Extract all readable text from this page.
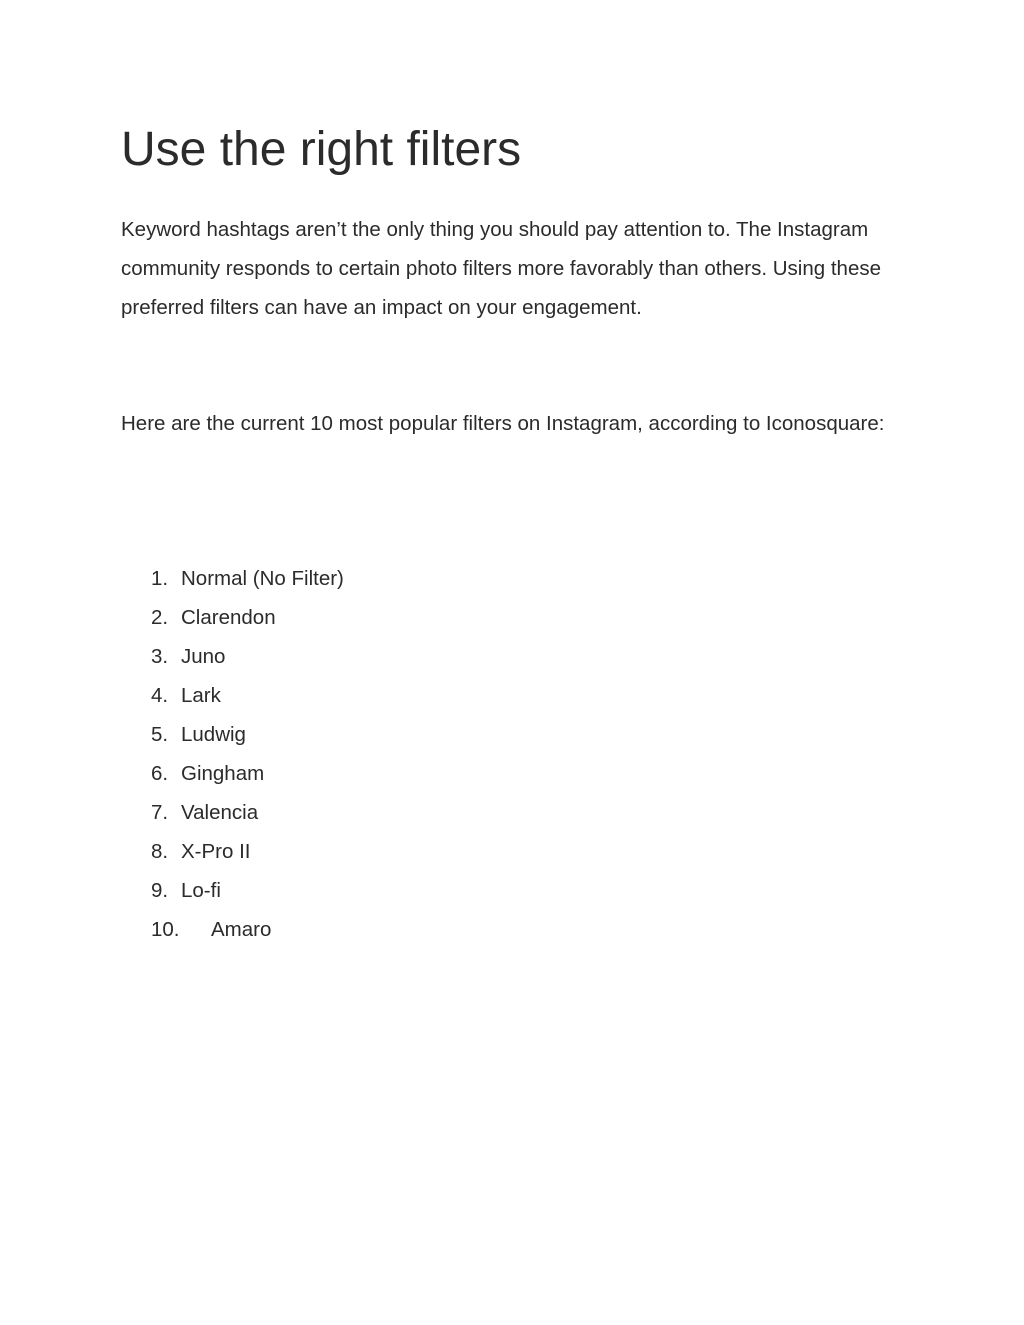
Use the right filters

Keyword hashtags aren’t the only thing you should pay attention to. The Instagram community responds to certain photo filters more favorably than others. Using these preferred filters can have an impact on your engagement.

Here are the current 10 most popular filters on Instagram, according to Iconosquare:

1. Normal (No Filter)
2. Clarendon
3. Juno
4. Lark
5. Ludwig
6. Gingham
7. Valencia
8. X-Pro II
9. Lo-fi
10. Amaro
